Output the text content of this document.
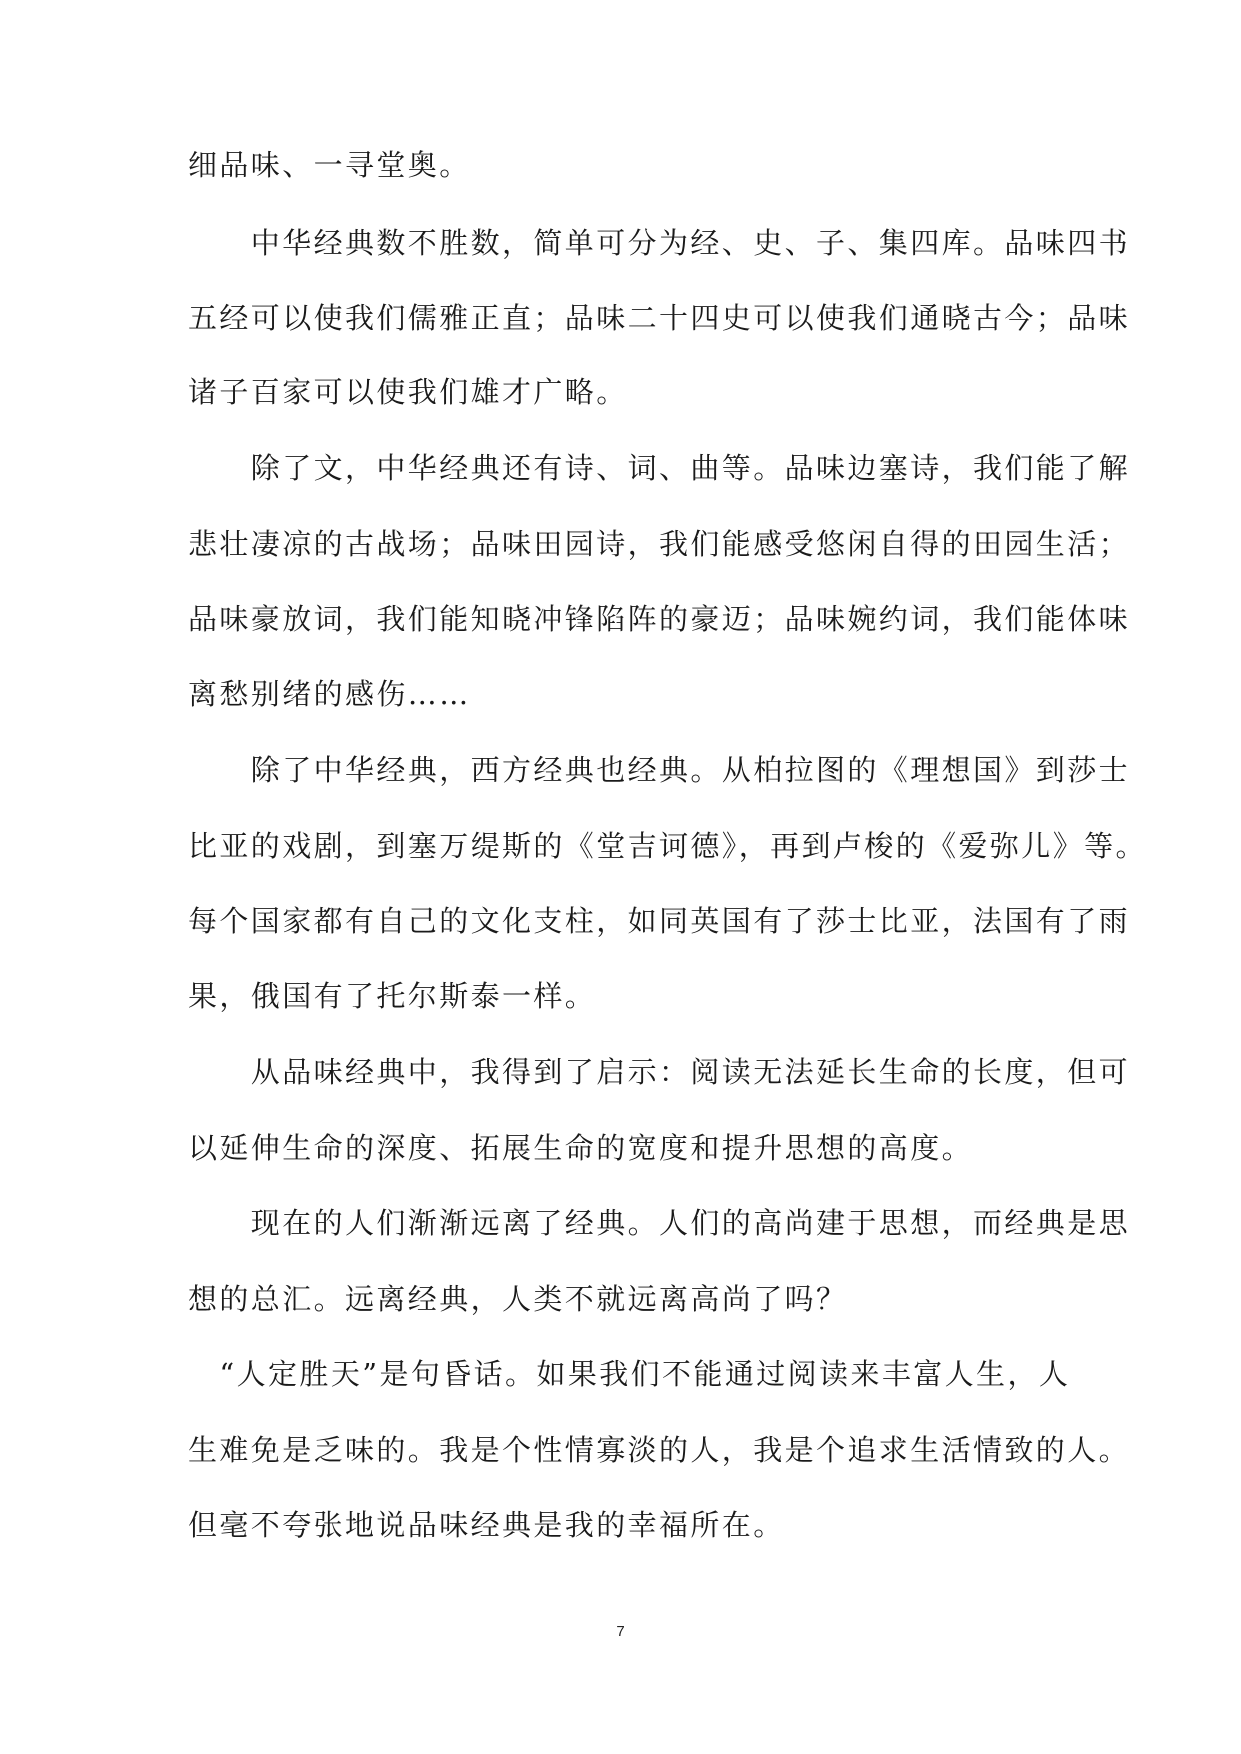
细品味、一寻堂奥。
　　中华经典数不胜数，简单可分为经、史、子、集四库。品味四书
五经可以使我们儒雅正直；品味二十四史可以使我们通晓古今；品味
诸子百家可以使我们雄才广略。
　　除了文，中华经典还有诗、词、曲等。品味边塞诗，我们能了解
悲壮凄凉的古战场；品味田园诗，我们能感受悠闲自得的田园生活；
品味豪放词，我们能知晓冲锋陷阵的豪迈；品味婉约词，我们能体味
离愁别绪的感伤……
　　除了中华经典，西方经典也经典。从柏拉图的《理想国》到莎士
比亚的戏剧，到塞万缇斯的《堂吉诃德》，再到卢梭的《爱弥儿》等。
每个国家都有自己的文化支柱，如同英国有了莎士比亚，法国有了雨
果，俄国有了托尔斯泰一样。
　　从品味经典中，我得到了启示：阅读无法延长生命的长度，但可
以延伸生命的深度、拓展生命的宽度和提升思想的高度。
　　现在的人们渐渐远离了经典。人们的高尚建于思想，而经典是思
想的总汇。远离经典，人类不就远离高尚了吗？
　“人定胜天”是句昏话。如果我们不能通过阅读来丰富人生，人
生难免是乏味的。我是个性情寡淡的人，我是个追求生活情致的人。
但毫不夸张地说品味经典是我的幸福所在。
7
